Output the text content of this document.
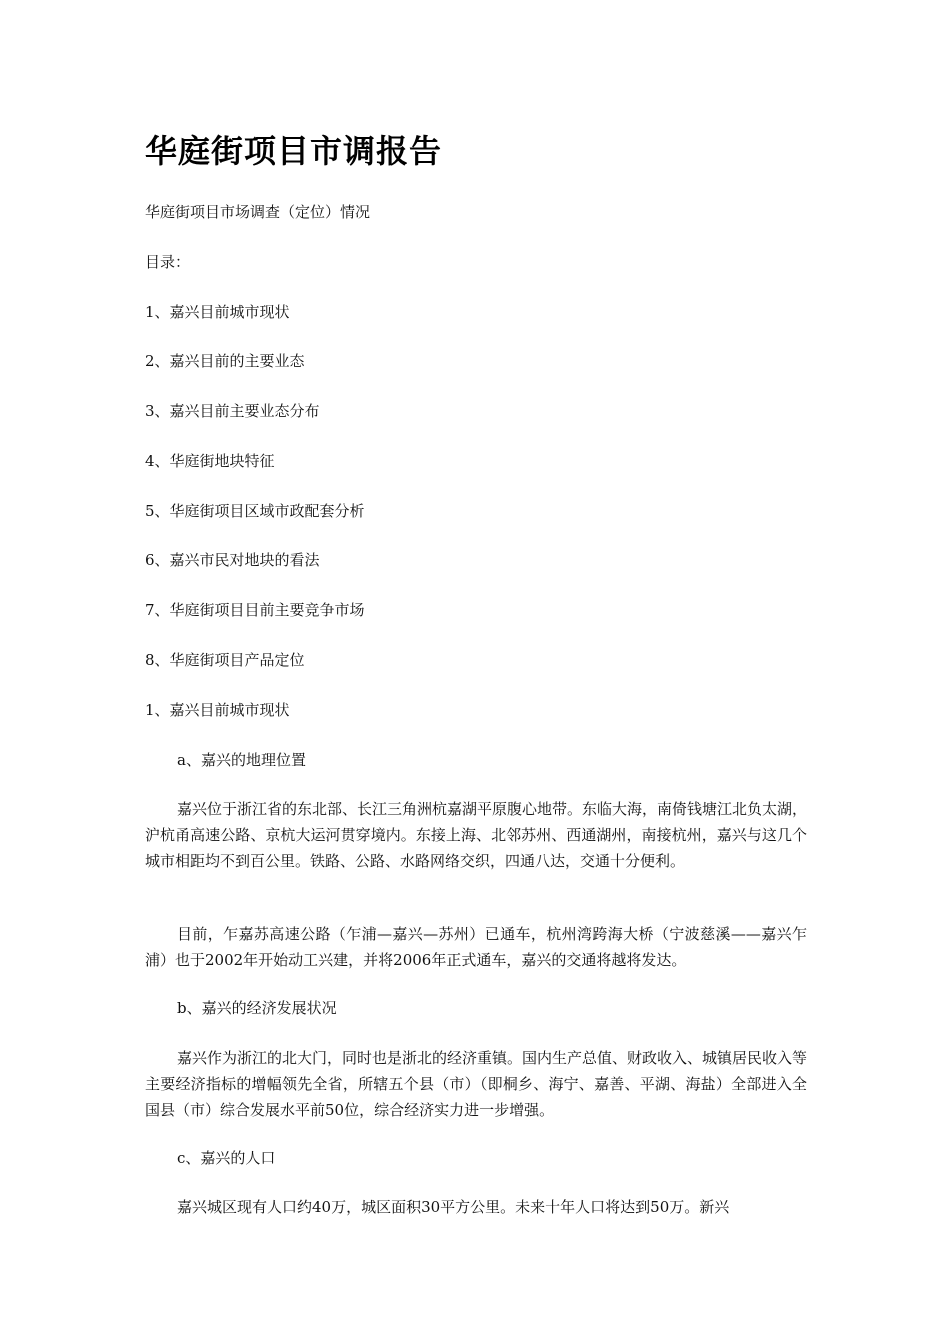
华庭街项目市调报告
华庭街项目市场调查（定位）情况
目录：
1、嘉兴目前城市现状
2、嘉兴目前的主要业态
3、嘉兴目前主要业态分布
4、华庭街地块特征
5、华庭街项目区域市政配套分析
6、嘉兴市民对地块的看法
7、华庭街项目目前主要竞争市场
8、华庭街项目产品定位
1、嘉兴目前城市现状
a、嘉兴的地理位置

嘉兴位于浙江省的东北部、长江三角洲杭嘉湖平原腹心地带。东临大海，南倚钱塘江北负太湖，沪杭甬高速公路、京杭大运河贯穿境内。东接上海、北邻苏州、西通湖州，南接杭州，嘉兴与这几个城市相距均不到百公里。铁路、公路、水路网络交织，四通八达，交通十分便利。

目前，乍嘉苏高速公路（乍浦—嘉兴—苏州）已通车，杭州湾跨海大桥（宁波慈溪——嘉兴乍浦）也于2002年开始动工兴建，并将2006年正式通车，嘉兴的交通将越将发达。

b、嘉兴的经济发展状况

嘉兴作为浙江的北大门，同时也是浙北的经济重镇。国内生产总值、财政收入、城镇居民收入等主要经济指标的增幅领先全省，所辖五个县（市）（即桐乡、海宁、嘉善、平湖、海盐）全部进入全国县（市）综合发展水平前50位，综合经济实力进一步增强。

c、嘉兴的人口

嘉兴城区现有人口约40万，城区面积30平方公里。未来十年人口将达到50万。新兴
